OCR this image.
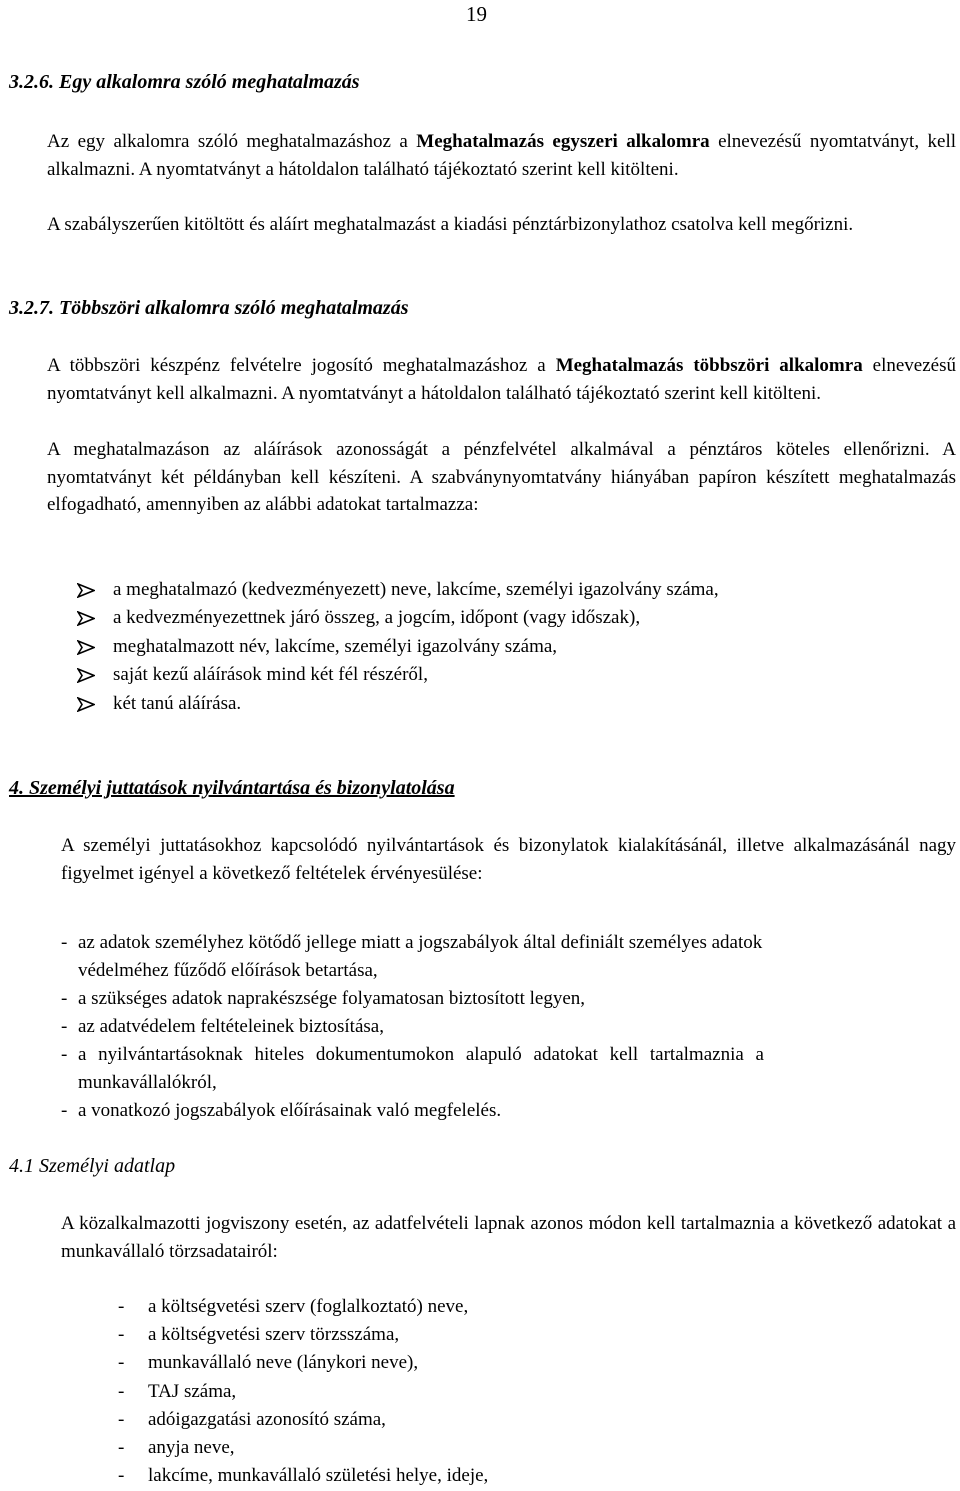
19
3.2.6. Egy alkalomra szóló meghatalmazás
Az egy alkalomra szóló meghatalmazáshoz a Meghatalmazás egyszeri alkalomra elnevezésű nyomtatványt, kell alkalmazni. A nyomtatványt a hátoldalon található tájékoztató szerint kell kitölteni.
A szabályszerűen kitöltött és aláírt meghatalmazást a kiadási pénztárbizonylathoz csatolva kell megőrizni.
3.2.7. Többszöri alkalomra szóló meghatalmazás
A többszöri készpénz felvételre jogosító meghatalmazáshoz a Meghatalmazás többszöri alkalomra elnevezésű nyomtatványt kell alkalmazni. A nyomtatványt a hátoldalon található tájékoztató szerint kell kitölteni.
A meghatalmazáson az aláírások azonosságát a pénzfelvétel alkalmával a pénztáros köteles ellenőrizni. A nyomtatványt két példányban kell készíteni. A szabványnyomtatvány hiányában papíron készített meghatalmazás elfogadható, amennyiben az alábbi adatokat tartalmazza:
a meghatalmazó (kedvezményezett) neve, lakcíme, személyi igazolvány száma,
a kedvezményezettnek járó összeg, a jogcím, időpont (vagy időszak),
meghatalmazott név, lakcíme, személyi igazolvány száma,
saját kezű aláírások mind két fél részéről,
két tanú aláírása.
4. Személyi juttatások nyilvántartása és bizonylatolása
A személyi juttatásokhoz kapcsolódó nyilvántartások és bizonylatok kialakításánál, illetve alkalmazásánál nagy figyelmet igényel a következő feltételek érvényesülése:
- az adatok személyhez kötődő jellege miatt a jogszabályok által definiált személyes adatok
védelméhez fűződő előírások betartása,
- a szükséges adatok naprakészsége folyamatosan biztosított legyen,
- az adatvédelem feltételeinek biztosítása,
- a nyilvántartásoknak hiteles dokumentumokon alapuló adatokat kell tartalmaznia a
munkavállalókról,
- a vonatkozó jogszabályok előírásainak való megfelelés.
4.1 Személyi adatlap
A közalkalmazotti jogviszony esetén, az adatfelvételi lapnak azonos módon kell tartalmaznia a következő adatokat a munkavállaló törzsadatairól:
- a költségvetési szerv (foglalkoztató) neve,
- a költségvetési szerv törzsszáma,
- munkavállaló neve (lánykori neve),
- TAJ száma,
- adóigazgatási azonosító száma,
- anyja neve,
- lakcíme, munkavállaló születési helye, ideje,
